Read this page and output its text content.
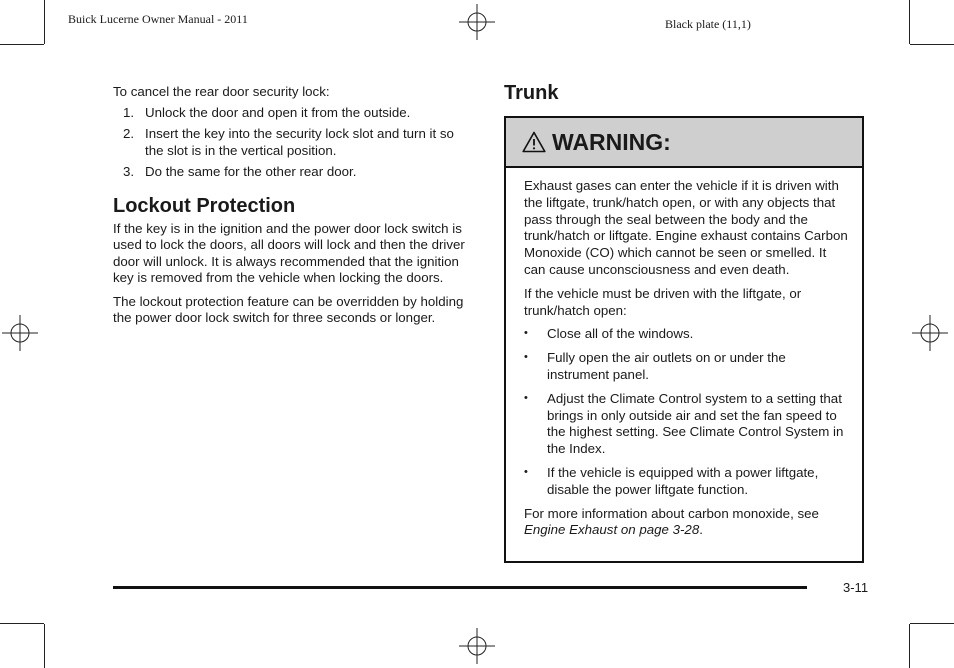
Buick Lucerne Owner Manual - 2011	Black plate (11,1)

To cancel the rear door security lock:

1. Unlock the door and open it from the outside.
2. Insert the key into the security lock slot and turn it so the slot is in the vertical position.
3. Do the same for the other rear door.
Lockout Protection

If the key is in the ignition and the power door lock switch is used to lock the doors, all doors will lock and then the driver door will unlock. It is always recommended that the ignition key is removed from the vehicle when locking the doors.

The lockout protection feature can be overridden by holding the power door lock switch for three seconds or longer.

Trunk
WARNING:

Exhaust gases can enter the vehicle if it is driven with the liftgate, trunk/hatch open, or with any objects that pass through the seal between the body and the trunk/hatch or liftgate. Engine exhaust contains Carbon Monoxide (CO) which cannot be seen or smelled. It can cause unconsciousness and even death.

If the vehicle must be driven with the liftgate, or trunk/hatch open:

•	Close all of the windows.
•	Fully open the air outlets on or under the instrument panel.
•	Adjust the Climate Control system to a setting that brings in only outside air and set the fan speed to the highest setting. See Climate Control System in the Index.
•	If the vehicle is equipped with a power liftgate, disable the power liftgate function.

For more information about carbon monoxide, see
Engine Exhaust on page 3-28.

3-11
